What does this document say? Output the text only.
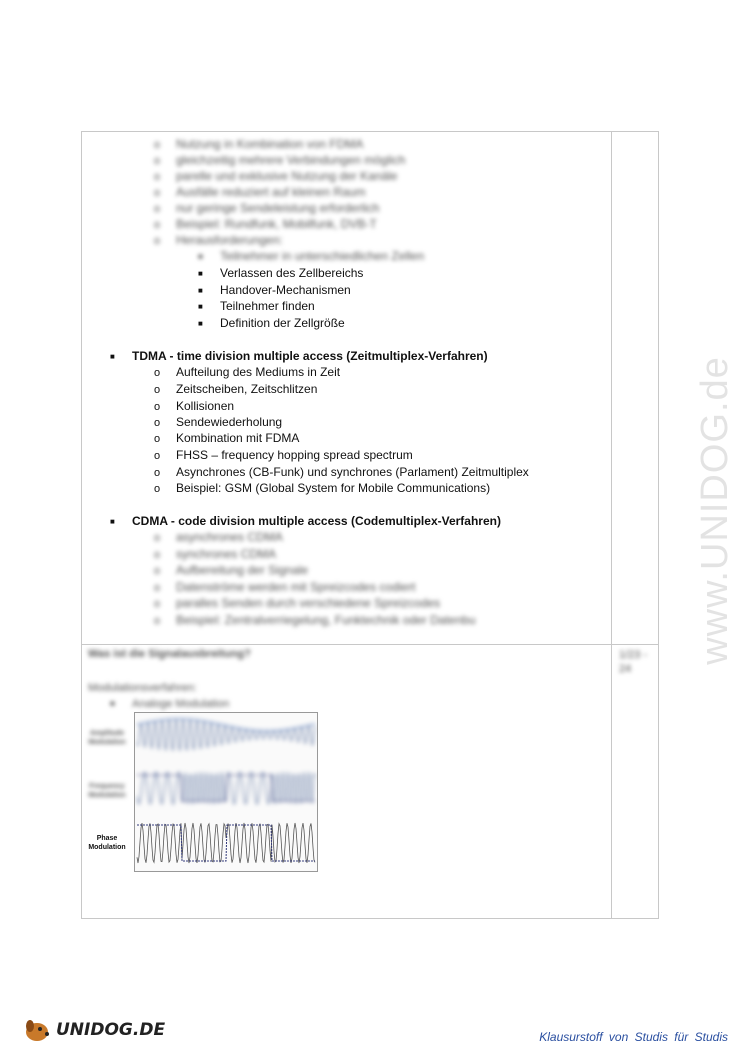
o Nutzung in Kombination von FDMA
o gleichzeitig mehrere Verbindungen möglich
o parelle und exklusive Nutzung der Kanäle
o Ausfälle reduziert auf kleinen Raum
o nur geringe Sendeleistung erforderlich
o Beispiel: Rundfunk, Mobilfunk, DVB-T
o Herausforderungen:
■ Teilnehmer in unterschiedlichen Zellen
■ Verlassen des Zellbereichs
■ Handover-Mechanismen
■ Teilnehmer finden
■ Definition der Zellgröße
■ TDMA - time division multiple access (Zeitmultiplex-Verfahren)
o Aufteilung des Mediums in Zeit
o Zeitscheiben, Zeitschlitzen
o Kollisionen
o Sendewiederholung
o Kombination mit FDMA
o FHSS – frequency hopping spread spectrum
o Asynchrones (CB-Funk) und synchrones (Parlament) Zeitmultiplex
o Beispiel: GSM (Global System for Mobile Communications)
■ CDMA - code division multiple access (Codemultiplex-Verfahren)
o asynchrones CDMA
o synchrones CDMA
o Aufbereitung der Signale
o Datenströme werden mit Spreizcodes codiert
o paralles Senden durch verschiedene Spreizcodes
o Beispiel: Zentralverriegelung, Funktechnik oder Datenbu
Was ist die Signalausbreitung?	1/23 - 24
Modulationsverfahren:
■ Analoge Modulation
Amplitude Modulation
Frequency Modulation
Phase Modulation
www.UNIDOG.de
UNIDOG.DE	Klausurstoff von Studis für Studis
